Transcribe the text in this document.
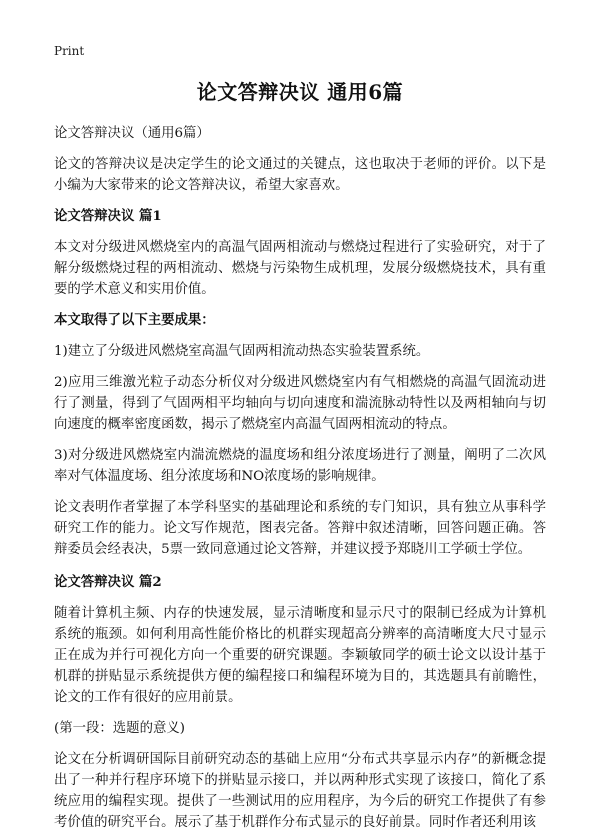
Print
论文答辩决议 通用6篇

论文答辩决议（通用6篇）

论文的答辩决议是决定学生的论文通过的关键点，这也取决于老师的评价。以下是小编为大家带来的论文答辩决议，希望大家喜欢。

论文答辩决议 篇1

本文对分级进风燃烧室内的高温气固两相流动与燃烧过程进行了实验研究，对于了解分级燃烧过程的两相流动、燃烧与污染物生成机理，发展分级燃烧技术，具有重要的学术意义和实用价值。

本文取得了以下主要成果：

1)建立了分级进风燃烧室高温气固两相流动热态实验装置系统。

2)应用三维激光粒子动态分析仪对分级进风燃烧室内有气相燃烧的高温气固流动进行了测量，得到了气固两相平均轴向与切向速度和湍流脉动特性以及两相轴向与切向速度的概率密度函数，揭示了燃烧室内高温气固两相流动的特点。

3)对分级进风燃烧室内湍流燃烧的温度场和组分浓度场进行了测量，阐明了二次风率对气体温度场、组分浓度场和NO浓度场的影响规律。

论文表明作者掌握了本学科坚实的基础理论和系统的专门知识，具有独立从事科学研究工作的能力。论文写作规范，图表完备。答辩中叙述清晰，回答问题正确。答辩委员会经表决，5票一致同意通过论文答辩，并建议授予郑晓川工学硕士学位。

论文答辩决议 篇2

随着计算机主频、内存的快速发展，显示清晰度和显示尺寸的限制已经成为计算机系统的瓶颈。如何利用高性能价格比的机群实现超高分辨率的高清晰度大尺寸显示正在成为并行可视化方向一个重要的研究课题。李颖敏同学的硕士论文以设计基于机群的拼贴显示系统提供方便的编程接口和编程环境为目的，其选题具有前瞻性，论文的工作有很好的应用前景。

(第一段：选题的意义)

论文在分析调研国际目前研究动态的基础上应用“分布式共享显示内存”的新概念提出了一种并行程序环境下的拼贴显示接口，并以两种形式实现了该接口，简化了系统应用的编程实现。提供了一些测试用的应用程序，为今后的研究工作提供了有参考价值的研究平台。展示了基于机群作分布式显示的良好前景。同时作者还利用该
